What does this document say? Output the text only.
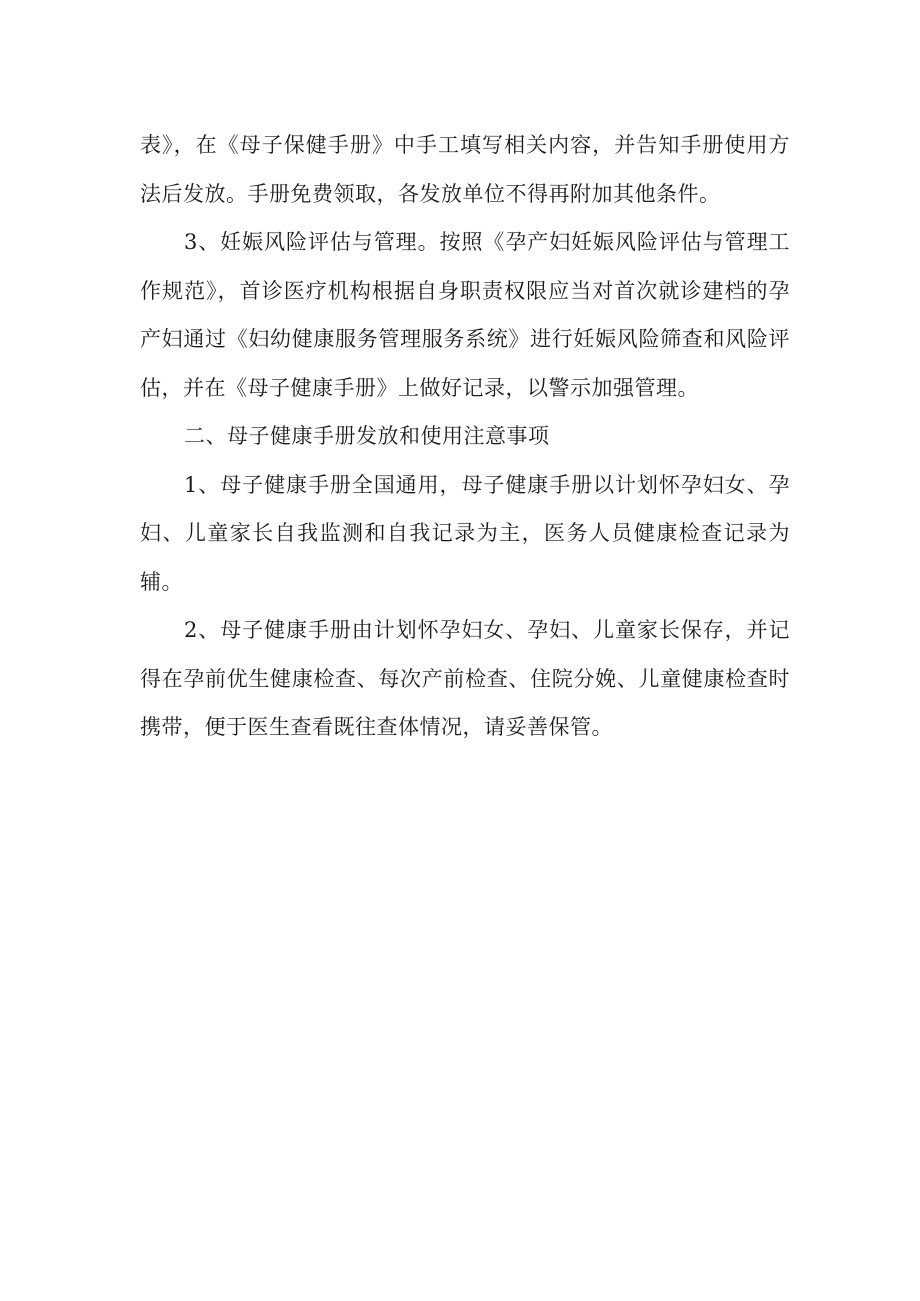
表》，在《母子保健手册》中手工填写相关内容，并告知手册使用方法后发放。手册免费领取，各发放单位不得再附加其他条件。

3、妊娠风险评估与管理。按照《孕产妇妊娠风险评估与管理工作规范》，首诊医疗机构根据自身职责权限应当对首次就诊建档的孕产妇通过《妇幼健康服务管理服务系统》进行妊娠风险筛查和风险评估，并在《母子健康手册》上做好记录，以警示加强管理。

二、母子健康手册发放和使用注意事项

1、母子健康手册全国通用，母子健康手册以计划怀孕妇女、孕妇、儿童家长自我监测和自我记录为主，医务人员健康检查记录为辅。

2、母子健康手册由计划怀孕妇女、孕妇、儿童家长保存，并记得在孕前优生健康检查、每次产前检查、住院分娩、儿童健康检查时携带，便于医生查看既往查体情况，请妥善保管。
